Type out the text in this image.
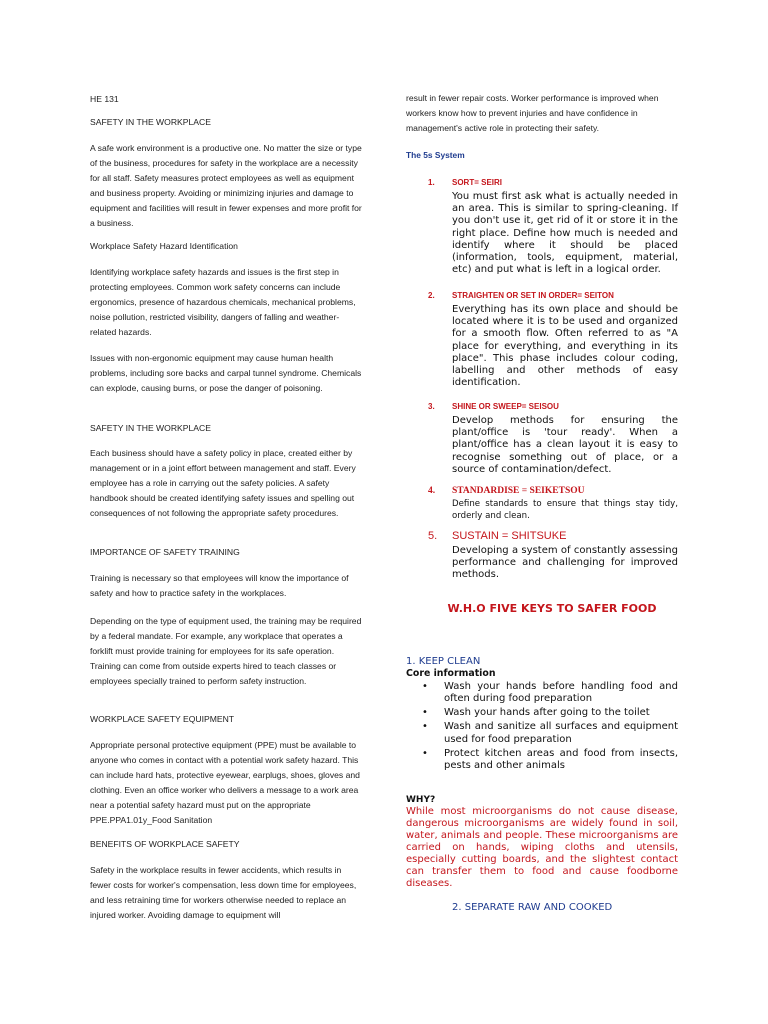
HE 131

SAFETY IN THE WORKPLACE

A safe work environment is a productive one. No matter the size or type of the business, procedures for safety in the workplace are a necessity for all staff. Safety measures protect employees as well as equipment and business property. Avoiding or minimizing injuries and damage to equipment and facilities will result in fewer expenses and more profit for a business.

Workplace Safety Hazard Identification

Identifying workplace safety hazards and issues is the first step in protecting employees. Common work safety concerns can include ergonomics, presence of hazardous chemicals, mechanical problems, noise pollution, restricted visibility, dangers of falling and weather-related hazards.

Issues with non-ergonomic equipment may cause human health problems, including sore backs and carpal tunnel syndrome. Chemicals can explode, causing burns, or pose the danger of poisoning.

SAFETY IN THE WORKPLACE

Each business should have a safety policy in place, created either by management or in a joint effort between management and staff. Every employee has a role in carrying out the safety policies. A safety handbook should be created identifying safety issues and spelling out consequences of not following the appropriate safety procedures.

IMPORTANCE OF SAFETY TRAINING

Training is necessary so that employees will know the importance of safety and how to practice safety in the workplaces.

Depending on the type of equipment used, the training may be required by a federal mandate. For example, any workplace that operates a forklift must provide training for employees for its safe operation. Training can come from outside experts hired to teach classes or employees specially trained to perform safety instruction.

WORKPLACE SAFETY EQUIPMENT

Appropriate personal protective equipment (PPE) must be available to anyone who comes in contact with a potential work safety hazard. This can include hard hats, protective eyewear, earplugs, shoes, gloves and clothing. Even an office worker who delivers a message to a work area near a potential safety hazard must put on the appropriate PPE.PPA1.01y_Food Sanitation

BENEFITS OF WORKPLACE SAFETY

Safety in the workplace results in fewer accidents, which results in fewer costs for worker's compensation, less down time for employees, and less retraining time for workers otherwise needed to replace an injured worker. Avoiding damage to equipment will

result in fewer repair costs. Worker performance is improved when workers know how to prevent injuries and have confidence in management's active role in protecting their safety.
The 5s System
1. SORT= SEIRI
You must first ask what is actually needed in an area. This is similar to spring-cleaning. If you don't use it, get rid of it or store it in the right place. Define how much is needed and identify where it should be placed (information, tools, equipment, material, etc) and put what is left in a logical order.
2. STRAIGHTEN OR SET IN ORDER= SEITON
Everything has its own place and should be located where it is to be used and organized for a smooth flow. Often referred to as "A place for everything, and everything in its place". This phase includes colour coding, labelling and other methods of easy identification.
3. SHINE OR SWEEP= SEISOU
Develop methods for ensuring the plant/office is 'tour ready'. When a plant/office has a clean layout it is easy to recognise something out of place, or a source of contamination/defect.
4. STANDARDISE = SEIKETSOU
Define standards to ensure that things stay tidy, orderly and clean.
5. SUSTAIN = SHITSUKE
Developing a system of constantly assessing performance and challenging for improved methods.
W.H.O FIVE KEYS TO SAFER FOOD
1. KEEP CLEAN
Core information
• Wash your hands before handling food and often during food preparation
• Wash your hands after going to the toilet
• Wash and sanitize all surfaces and equipment used for food preparation
• Protect kitchen areas and food from insects, pests and other animals
WHY?
While most microorganisms do not cause disease, dangerous microorganisms are widely found in soil, water, animals and people. These microorganisms are carried on hands, wiping cloths and utensils, especially cutting boards, and the slightest contact can transfer them to food and cause foodborne diseases.
2. SEPARATE RAW AND COOKED
